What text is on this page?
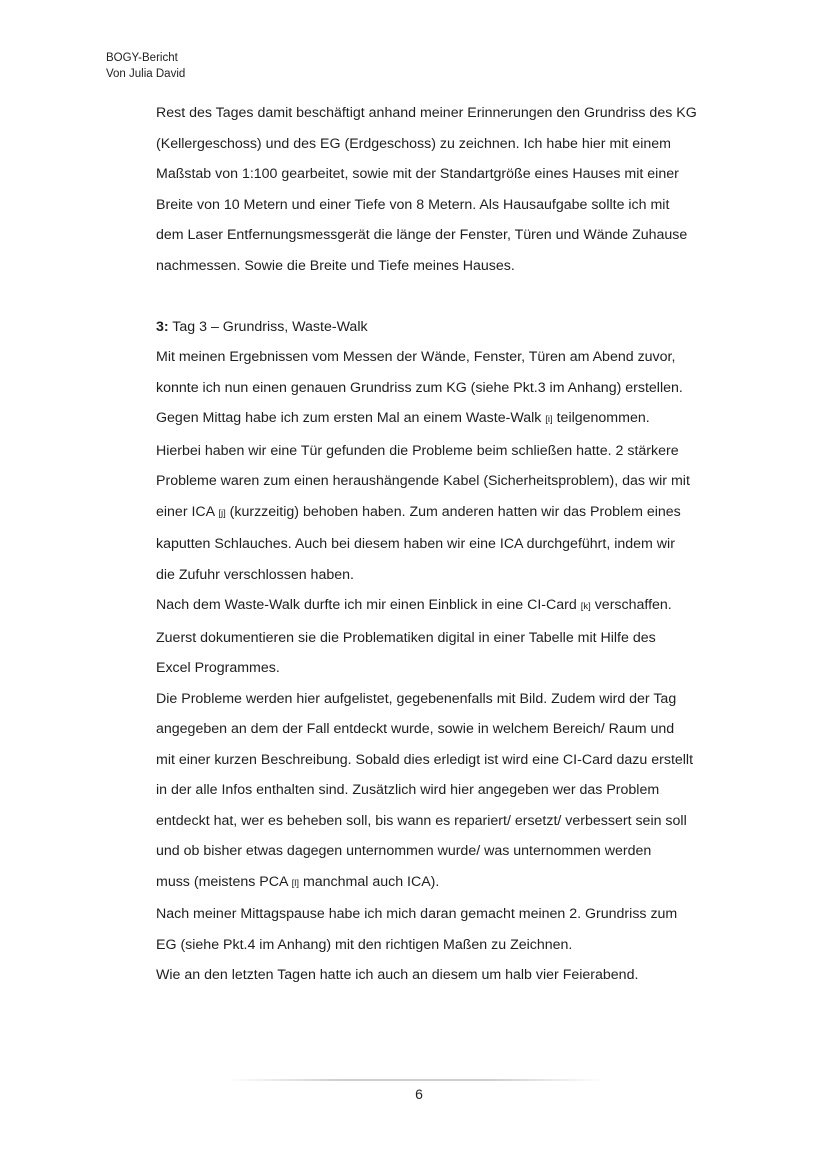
BOGY-Bericht
Von Julia David
Rest des Tages damit beschäftigt anhand meiner Erinnerungen den Grundriss des KG
(Kellergeschoss) und des EG (Erdgeschoss) zu zeichnen. Ich habe hier mit einem
Maßstab von 1:100 gearbeitet, sowie mit der Standartgröße eines Hauses mit einer
Breite von 10 Metern und einer Tiefe von 8 Metern. Als Hausaufgabe sollte ich mit
dem Laser Entfernungsmessgerät die länge der Fenster, Türen und Wände Zuhause
nachmessen. Sowie die Breite und Tiefe meines Hauses.
3: Tag 3 – Grundriss, Waste-Walk
Mit meinen Ergebnissen vom Messen der Wände, Fenster, Türen am Abend zuvor,
konnte ich nun einen genauen Grundriss zum KG (siehe Pkt.3 im Anhang) erstellen.
Gegen Mittag habe ich zum ersten Mal an einem Waste-Walk [i] teilgenommen.
Hierbei haben wir eine Tür gefunden die Probleme beim schließen hatte. 2 stärkere
Probleme waren zum einen heraushängende Kabel (Sicherheitsproblem), das wir mit
einer ICA [j] (kurzzeitig) behoben haben. Zum anderen hatten wir das Problem eines
kaputten Schlauches. Auch bei diesem haben wir eine ICA durchgeführt, indem wir
die Zufuhr verschlossen haben.
Nach dem Waste-Walk durfte ich mir einen Einblick in eine CI-Card [k] verschaffen.
Zuerst dokumentieren sie die Problematiken digital in einer Tabelle mit Hilfe des
Excel Programmes.
Die Probleme werden hier aufgelistet, gegebenenfalls mit Bild. Zudem wird der Tag
angegeben an dem der Fall entdeckt wurde, sowie in welchem Bereich/ Raum und
mit einer kurzen Beschreibung. Sobald dies erledigt ist wird eine CI-Card dazu erstellt
in der alle Infos enthalten sind. Zusätzlich wird hier angegeben wer das Problem
entdeckt hat, wer es beheben soll, bis wann es repariert/ ersetzt/ verbessert sein soll
und ob bisher etwas dagegen unternommen wurde/ was unternommen werden
muss (meistens PCA [l] manchmal auch ICA).
Nach meiner Mittagspause habe ich mich daran gemacht meinen 2. Grundriss zum
EG (siehe Pkt.4 im Anhang) mit den richtigen Maßen zu Zeichnen.
Wie an den letzten Tagen hatte ich auch an diesem um halb vier Feierabend.
6
